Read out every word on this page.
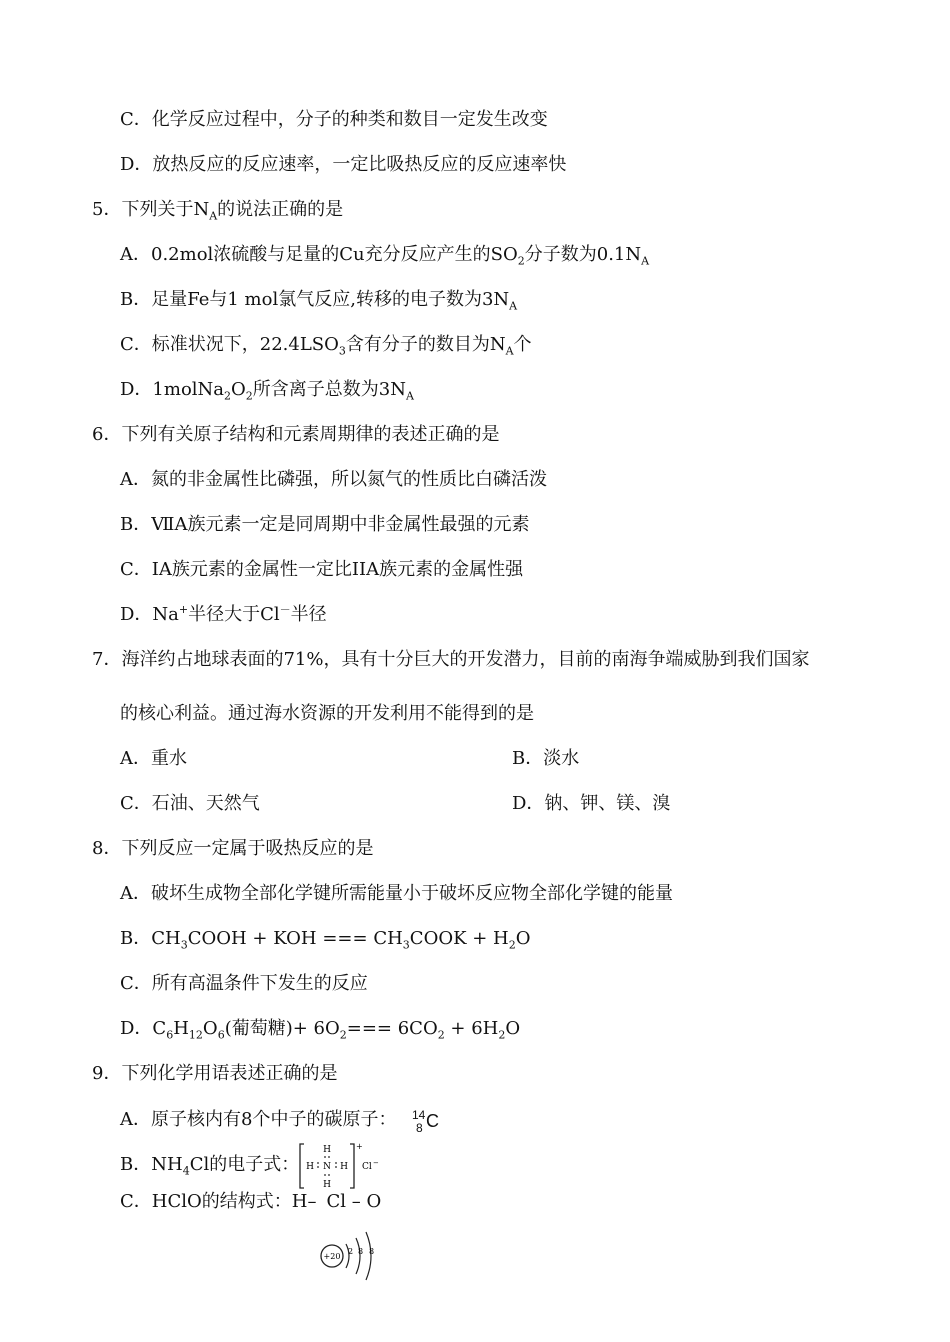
C．化学反应过程中，分子的种类和数目一定发生改变
D．放热反应的反应速率，一定比吸热反应的反应速率快
5．下列关于$N_A$的说法正确的是
A．0.2mol浓硫酸与足量的Cu充分反应产生的$SO_2$分子数为$0.1N_A$
B．足量Fe与1 mol氯气反应,转移的电子数为$3N_A$
C．标准状况下，$22.4LSO_3$含有分子的数目为$N_A$个
D．$1molNa_2O_2$所含离子总数为$3N_A$
6．下列有关原子结构和元素周期律的表述正确的是
A．氮的非金属性比磷强，所以氮气的性质比白磷活泼
B．ⅦA族元素一定是同周期中非金属性最强的元素
C．IA族元素的金属性一定比IIA族元素的金属性强
D．Na+半径大于Cl－半径
7．海洋约占地球表面的71%，具有十分巨大的开发潜力，目前的南海争端威胁到我们国家
的核心利益。通过海水资源的开发利用不能得到的是
A．重水	B．淡水
C．石油、天然气	D．钠、钾、镁、溴
8．下列反应一定属于吸热反应的是
A．破坏生成物全部化学键所需能量小于破坏反应物全部化学键的能量
B．$CH_3COOH$ + KOH === $CH_3COOK + H_2O$
C．所有高温条件下发生的反应
D．$C_6H_{12}O_6$(葡萄糖)+ $6O_2=== 6CO_2 + 6H_2O$
9．下列化学用语表述正确的是
A．原子核内有8个中子的碳原子： 14
8 C
B．$NH_4Cl$的电子式：
H
H N H
H
+
Cl −
C．HClO的结构式：H– Cl – O
+20
2 8 8
